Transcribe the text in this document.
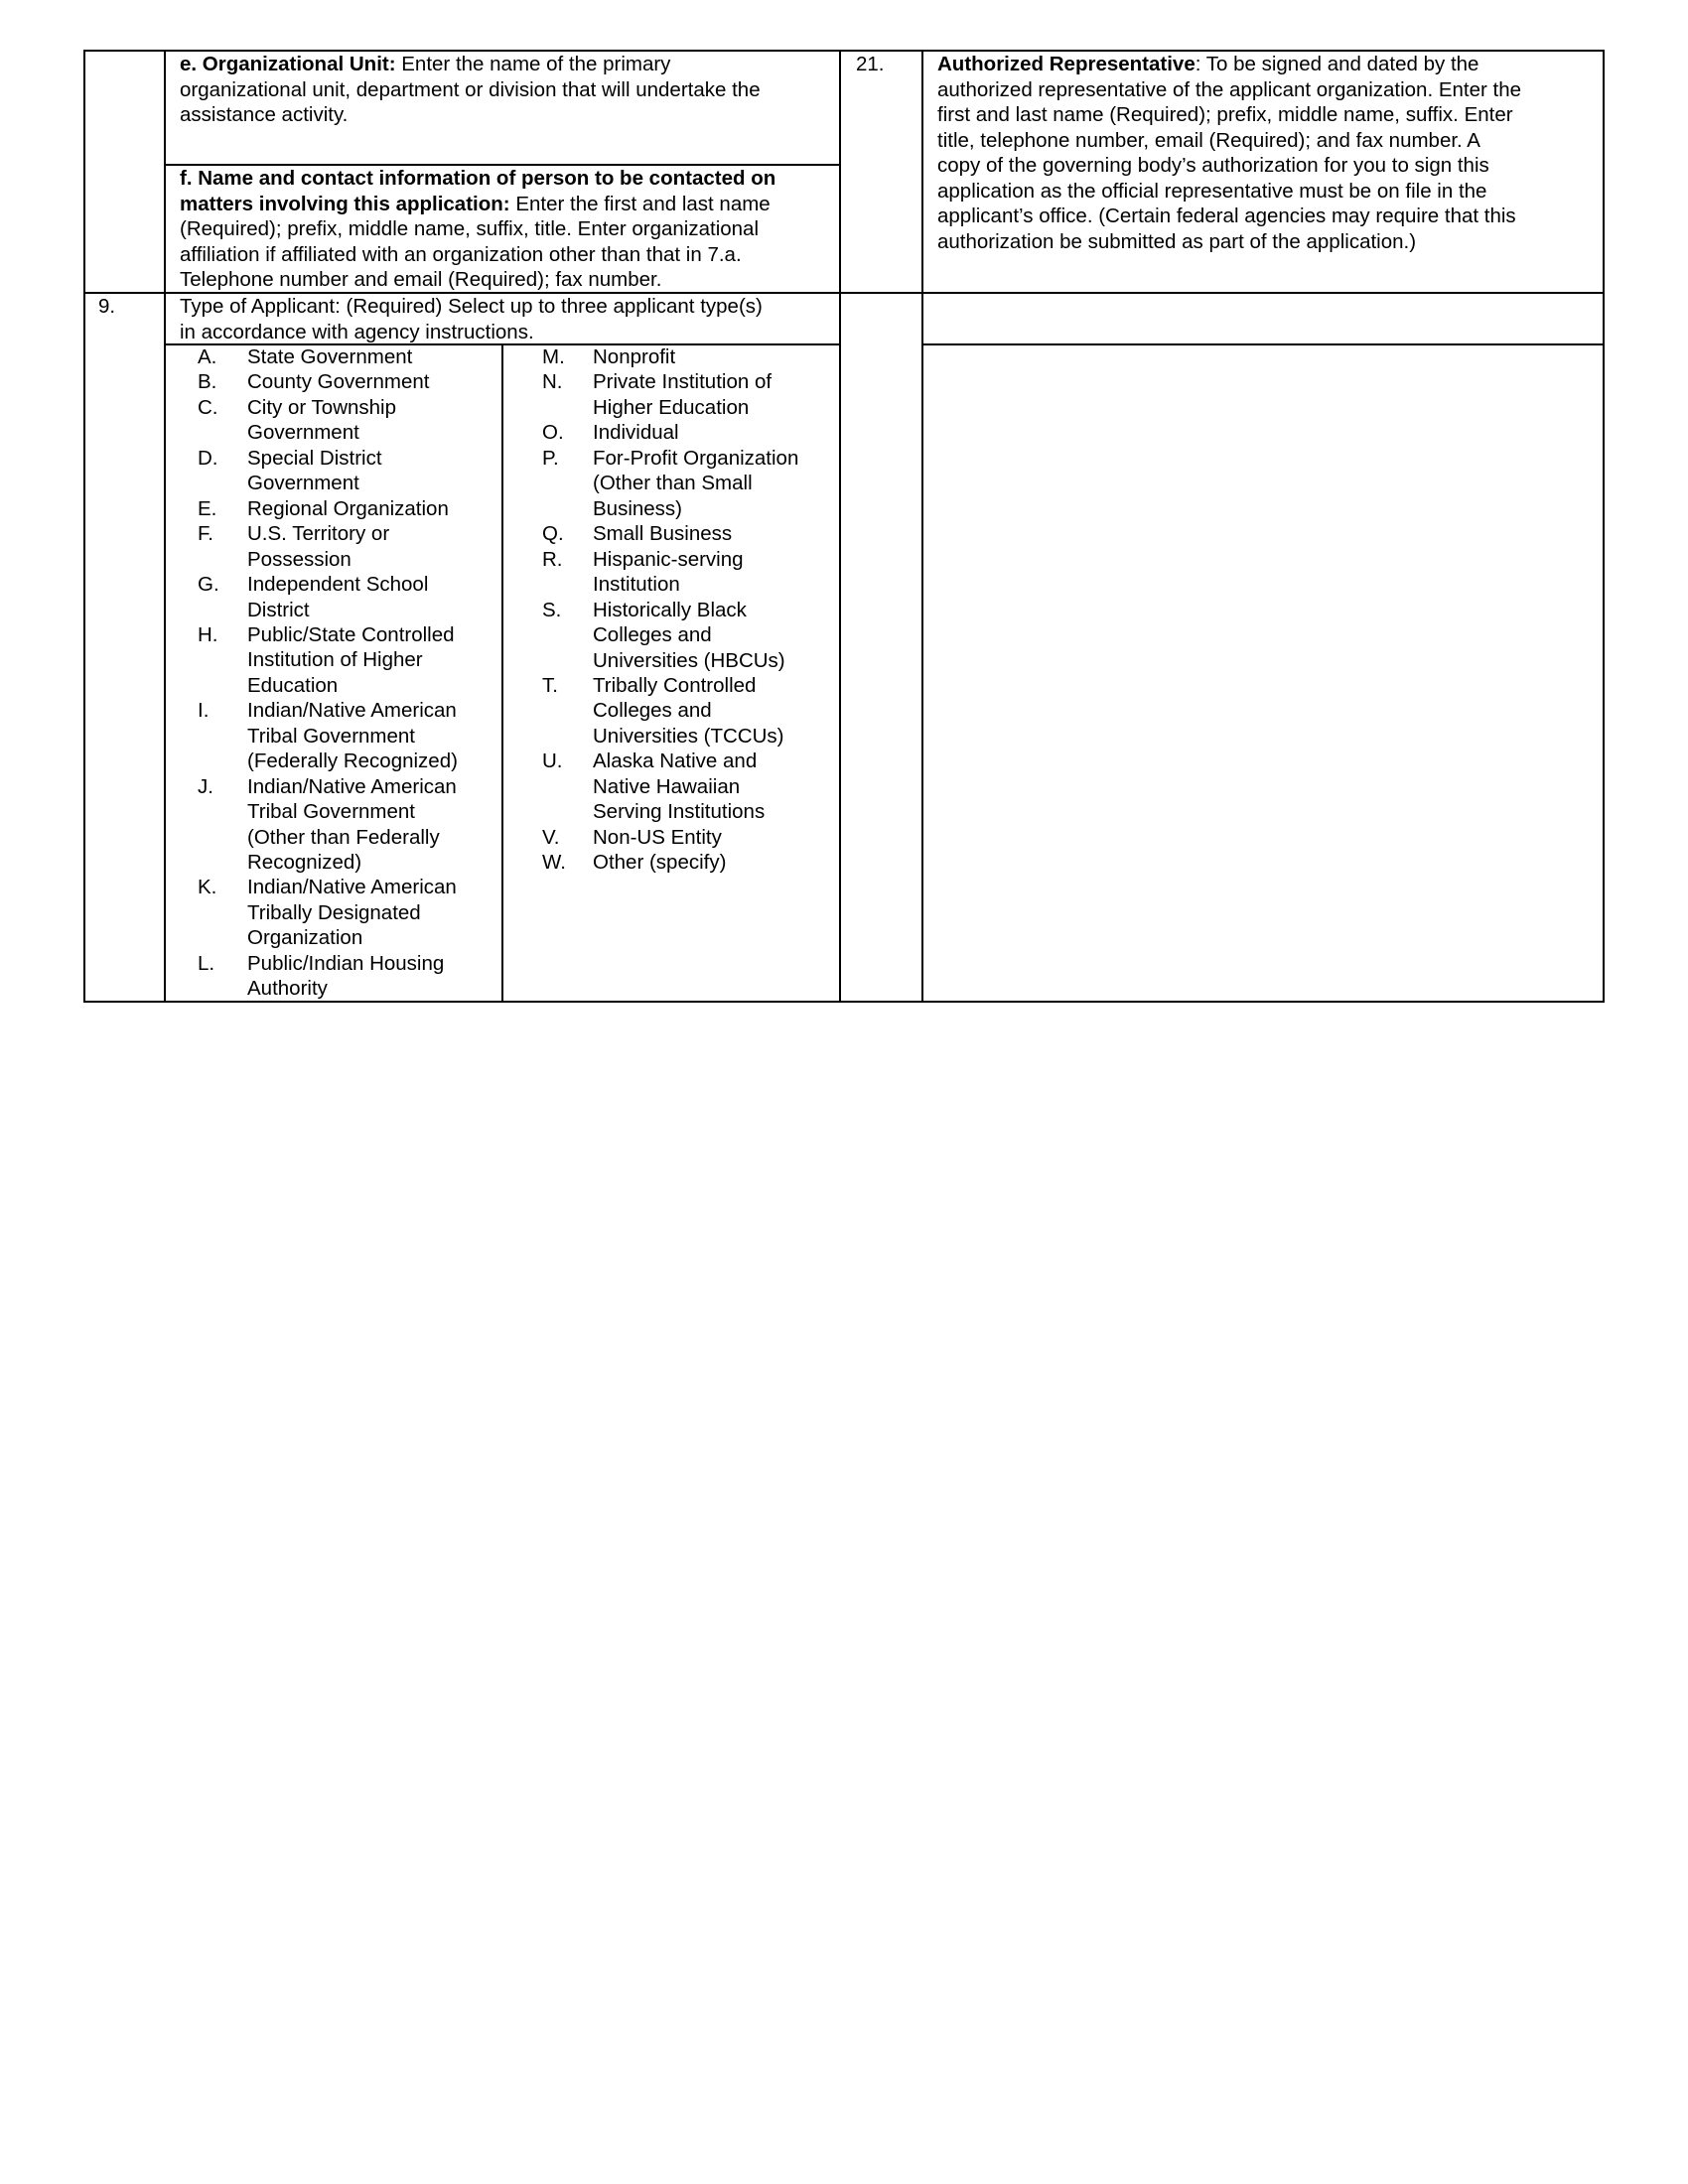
e. Organizational Unit: Enter the name of the primary
organizational unit, department or division that will undertake the
assistance activity.
f. Name and contact information of person to be contacted on
matters involving this application: Enter the first and last name
(Required); prefix, middle name, suffix, title. Enter organizational
affiliation if affiliated with an organization other than that in 7.a.
Telephone number and email (Required); fax number.
21.	Authorized Representative: To be signed and dated by the
authorized representative of the applicant organization. Enter the
first and last name (Required); prefix, middle name, suffix. Enter
title, telephone number, email (Required); and fax number. A
copy of the governing body’s authorization for you to sign this
application as the official representative must be on file in the
applicant’s office. (Certain federal agencies may require that this
authorization be submitted as part of the application.)
9.	Type of Applicant: (Required) Select up to three applicant type(s)
in accordance with agency instructions.
A. State Government
B. County Government
C. City or Township
Government
D. Special District
Government
E. Regional Organization
F. U.S. Territory or
Possession
G. Independent School
District
H. Public/State Controlled
Institution of Higher
Education
I. Indian/Native American
Tribal Government
(Federally Recognized)
J. Indian/Native American
Tribal Government
(Other than Federally
Recognized)
K. Indian/Native American
Tribally Designated
Organization
L. Public/Indian Housing
Authority
M. Nonprofit
N. Private Institution of
Higher Education
O. Individual
P. For-Profit Organization
(Other than Small
Business)
Q. Small Business
R. Hispanic-serving
Institution
S. Historically Black
Colleges and
Universities (HBCUs)
T. Tribally Controlled
Colleges and
Universities (TCCUs)
U. Alaska Native and
Native Hawaiian
Serving Institutions
V. Non-US Entity
W. Other (specify)
